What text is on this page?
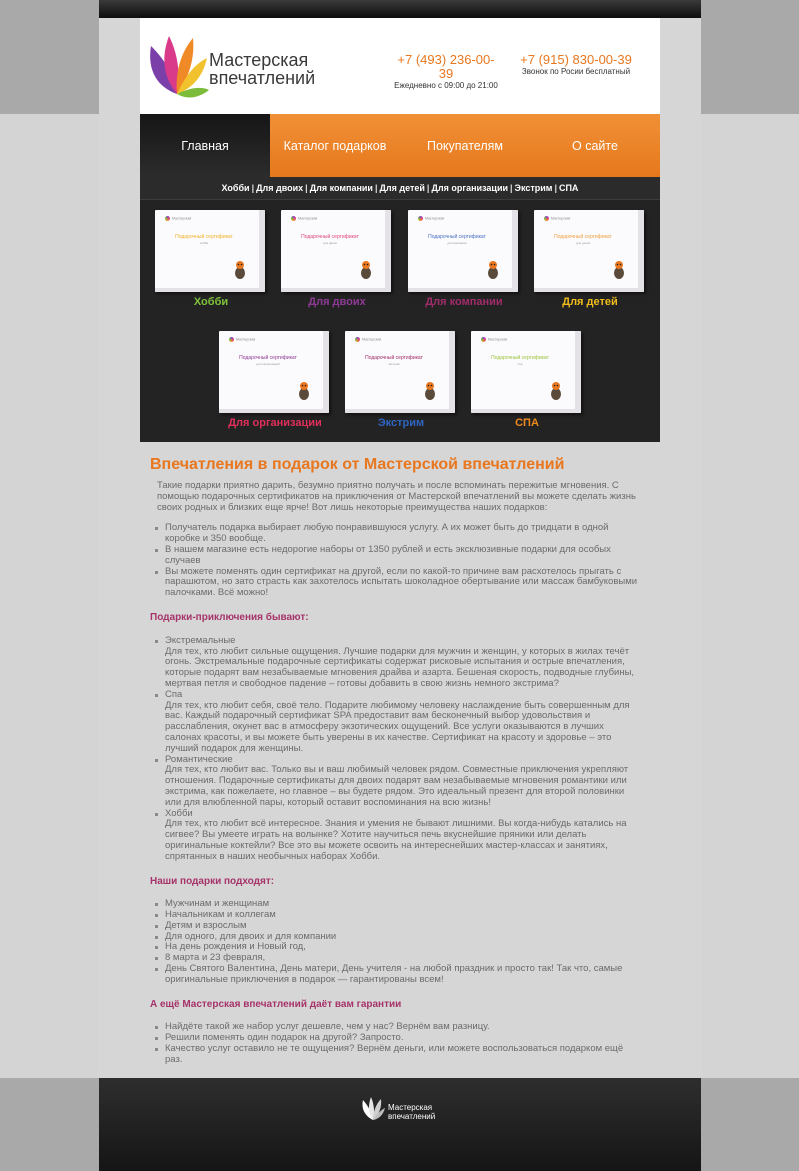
Мастерская
впечатлений
+7 (493) 236-00-39
Ежедневно с 09:00 до 21:00
+7 (915) 830-00-39
Звонок по Росии бесплатный
Главная	Каталог подарков	Покупателям	О сайте
Хобби | Для двоих | Для компании | Для детей | Для организации | Экстрим | СПА
Мастерская
Подарочный сертификат
хобби
Хобби
Мастерская
Подарочный сертификат
для двоих
Для двоих
Мастерская
Подарочный сертификат
для компании
Для компании
Мастерская
Подарочный сертификат
для детей
Для детей
Мастерская
Подарочный сертификат
для организаций
Для организации
Мастерская
Подарочный сертификат
экстрим
Экстрим
Мастерская
Подарочный сертификат
спа
СПА
Впечатления в подарок от Мастерской впечатлений

Такие подарки приятно дарить, безумно приятно получать и после вспоминать пережитые мгновения. С помощью подарочных сертификатов на приключения от Мастерской впечатлений вы можете сделать жизнь своих родных и близких еще ярче! Вот лишь некоторые преимущества наших подарков:

Получатель подарка выбирает любую понравившуюся услугу. А их может быть до тридцати в одной коробке и 350 вообще.
В нашем магазине есть недорогие наборы от 1350 рублей и есть эксклюзивные подарки для особых случаев
Вы можете поменять один сертификат на другой, если по какой-то причине вам расхотелось прыгать с парашютом, но зато страсть как захотелось испытать шоколадное обертывание или массаж бамбуковыми палочками. Всё можно!
Подарки-приключения бывают:
Экстремальные
Для тех, кто любит сильные ощущения. Лучшие подарки для мужчин и женщин, у которых в жилах течёт огонь. Экстремальные подарочные сертификаты содержат рисковые испытания и острые впечатления, которые подарят вам незабываемые мгновения драйва и азарта. Бешеная скорость, подводные глубины, мертвая петля и свободное падение – готовы добавить в свою жизнь немного экстрима?
Спа
Для тех, кто любит себя, своё тело. Подарите любимому человеку наслаждение быть совершенным для вас. Каждый подарочный сертификат SPA предоставит вам бесконечный выбор удовольствия и расслабления, окунет вас в атмосферу экзотических ощущений. Все услуги оказываются в лучших салонах красоты, и вы можете быть уверены в их качестве. Сертификат на красоту и здоровье – это лучший подарок для женщины.
Романтические
Для тех, кто любит вас. Только вы и ваш любимый человек рядом. Совместные приключения укрепляют отношения. Подарочные сертификаты для двоих подарят вам незабываемые мгновения романтики или экстрима, как пожелаете, но главное – вы будете рядом. Это идеальный презент для второй половинки или для влюбленной пары, который оставит воспоминания на всю жизнь!
Хобби
Для тех, кто любит всё интересное. Знания и умения не бывают лишними. Вы когда-нибудь катались на сигвее? Вы умеете играть на волынке? Хотите научиться печь вкуснейшие пряники или делать оригинальные коктейли? Все это вы можете освоить на интереснейших мастер-классах и занятиях, спрятанных в наших необычных наборах Хобби.
Наши подарки подходят:
Мужчинам и женщинам
Начальникам и коллегам
Детям и взрослым
Для одного, для двоих и для компании
На день рождения и Новый год,
8 марта и 23 февраля,
День Святого Валентина, День матери, День учителя - на любой праздник и просто так! Так что, самые оригинальные приключения в подарок — гарантированы всем!
А ещё Мастерская впечатлений даёт вам гарантии
Найдёте такой же набор услуг дешевле, чем у нас? Вернём вам разницу.
Решили поменять один подарок на другой? Запросто.
Качество услуг оставило не те ощущения? Вернём деньги, или можете воспользоваться подарком ещё раз.
Мастерская
впечатлений
